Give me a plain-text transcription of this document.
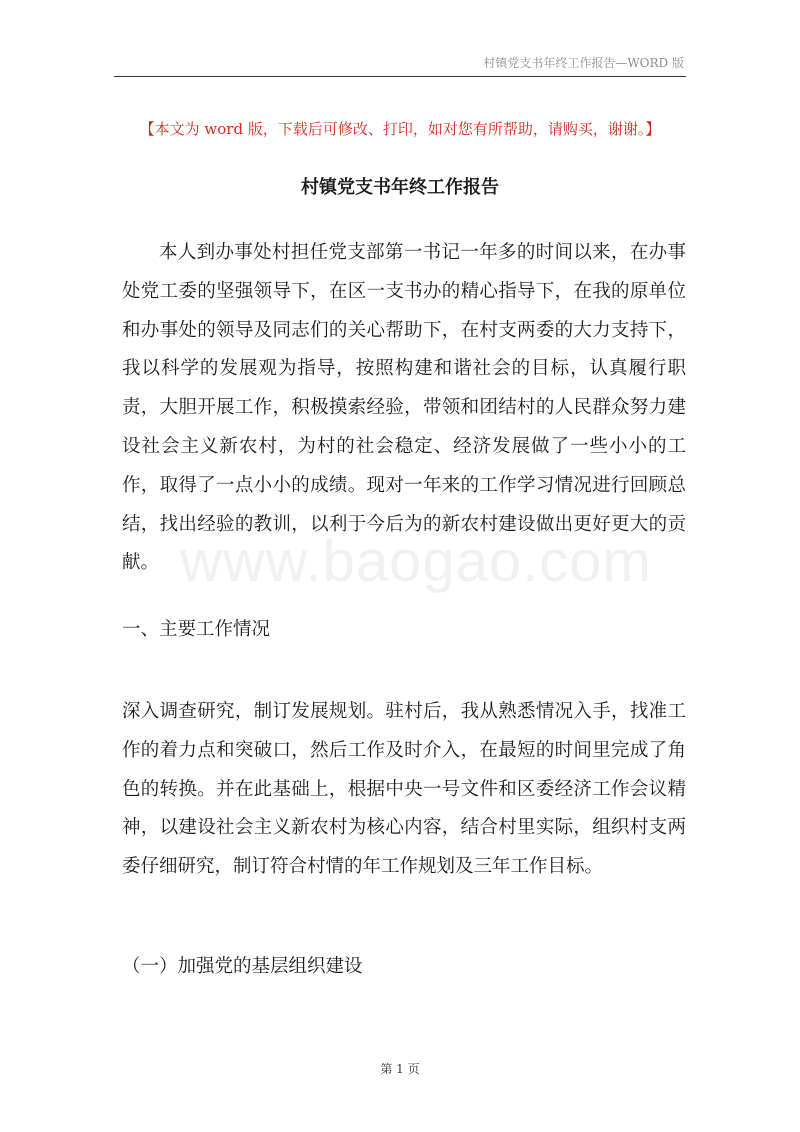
村镇党支书年终工作报告—WORD 版
www.baogao.com
【本文为 word 版，下载后可修改、打印，如对您有所帮助，请购买，谢谢。】
村镇党支书年终工作报告

本人到办事处村担任党支部第一书记一年多的时间以来，在办事处党工委的坚强领导下，在区一支书办的精心指导下，在我的原单位和办事处的领导及同志们的关心帮助下，在村支两委的大力支持下，我以科学的发展观为指导，按照构建和谐社会的目标，认真履行职责，大胆开展工作，积极摸索经验，带领和团结村的人民群众努力建设社会主义新农村，为村的社会稳定、经济发展做了一些小小的工作，取得了一点小小的成绩。现对一年来的工作学习情况进行回顾总结，找出经验的教训，以利于今后为的新农村建设做出更好更大的贡献。

一、主要工作情况

深入调查研究，制订发展规划。驻村后，我从熟悉情况入手，找准工作的着力点和突破口，然后工作及时介入，在最短的时间里完成了角色的转换。并在此基础上，根据中央一号文件和区委经济工作会议精神，以建设社会主义新农村为核心内容，结合村里实际，组织村支两委仔细研究，制订符合村情的年工作规划及三年工作目标。

（一）加强党的基层组织建设
第 1 页
